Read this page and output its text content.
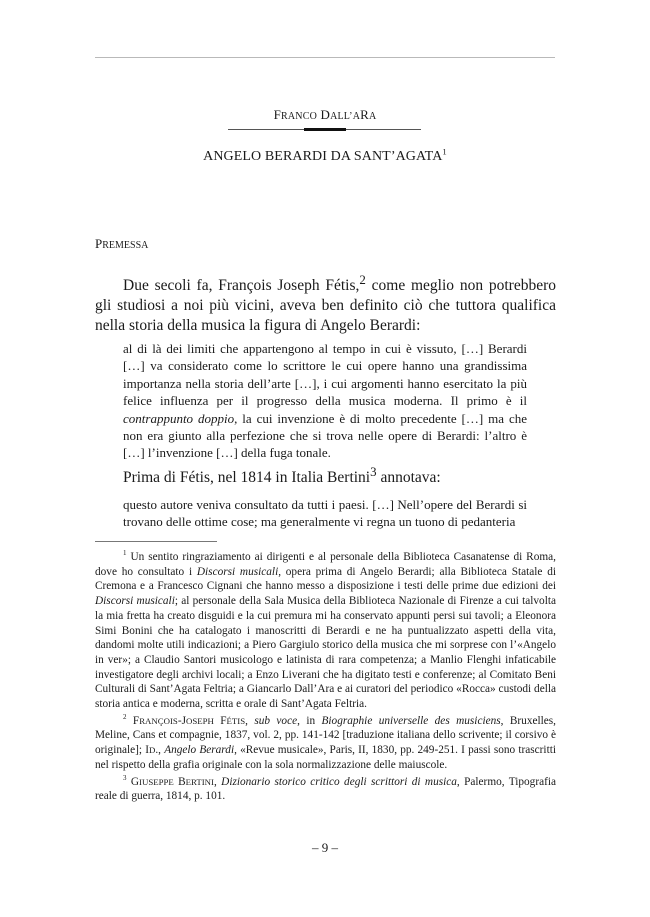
FRANCO DALL’ARA
ANGELO BERARDI DA SANT’AGATA$^1$
PREMESSA

Due secoli fa, François Joseph Fétis,$^2$ come meglio non potrebbero gli studiosi a noi più vicini, aveva ben definito ciò che tuttora qualifica nella storia della musica la figura di Angelo Berardi:

al di là dei limiti che appartengono al tempo in cui è vissuto, […] Berardi […] va considerato come lo scrittore le cui opere hanno una grandissima importanza nella storia dell’arte […], i cui argomenti hanno esercitato la più felice influenza per il progresso della musica moderna. Il primo è il contrappunto doppio, la cui invenzione è di molto precedente […] ma che non era giunto alla perfezione che si trova nelle opere di Berardi: l’altro è […] l’invenzione […] della fuga tonale.

Prima di Fétis, nel 1814 in Italia Bertini$^3$ annotava:

questo autore veniva consultato da tutti i paesi. […] Nell’opere del Berardi si trovano delle ottime cose; ma generalmente vi regna un tuono di pedanteria

$^1$ Un sentito ringraziamento ai dirigenti e al personale della Biblioteca Casanatense di Roma, dove ho consultato i Discorsi musicali, opera prima di Angelo Berardi; alla Biblioteca Statale di Cremona e a Francesco Cignani che hanno messo a disposizione i testi delle prime due edizioni dei Discorsi musicali; al personale della Sala Musica della Biblioteca Nazionale di Firenze a cui talvolta la mia fretta ha creato disguidi e la cui premura mi ha conservato appunti persi sui tavoli; a Eleonora Simi Bonini che ha catalogato i manoscritti di Berardi e ne ha puntualizzato aspetti della vita, dandomi molte utili indicazioni; a Piero Gargiulo storico della musica che mi sorprese con l’«Angelo in ver»; a Claudio Santori musicologo e latinista di rara competenza; a Manlio Flenghi infaticabile investigatore degli archivi locali; a Enzo Liverani che ha digitato testi e conferenze; al Comitato Beni Culturali di Sant’Agata Feltria; a Giancarlo Dall’Ara e ai curatori del periodico «Rocca» custodi della storia antica e moderna, scritta e orale di Sant’Agata Feltria.

$^2$ FRANÇOIS-JOSEPH FÉTIS, sub voce, in Biographie universelle des musiciens, Bruxelles, Meline, Cans et compagnie, 1837, vol. 2, pp. 141-142 [traduzione italiana dello scrivente; il corsivo è originale]; ID., Angelo Berardi, «Revue musicale», Paris, II, 1830, pp. 249-251. I passi sono trascritti nel rispetto della grafia originale con la sola normalizzazione delle maiuscole.

$^3$ GIUSEPPE BERTINI, Dizionario storico critico degli scrittori di musica, Palermo, Tipografia reale di guerra, 1814, p. 101.

– 9 –
